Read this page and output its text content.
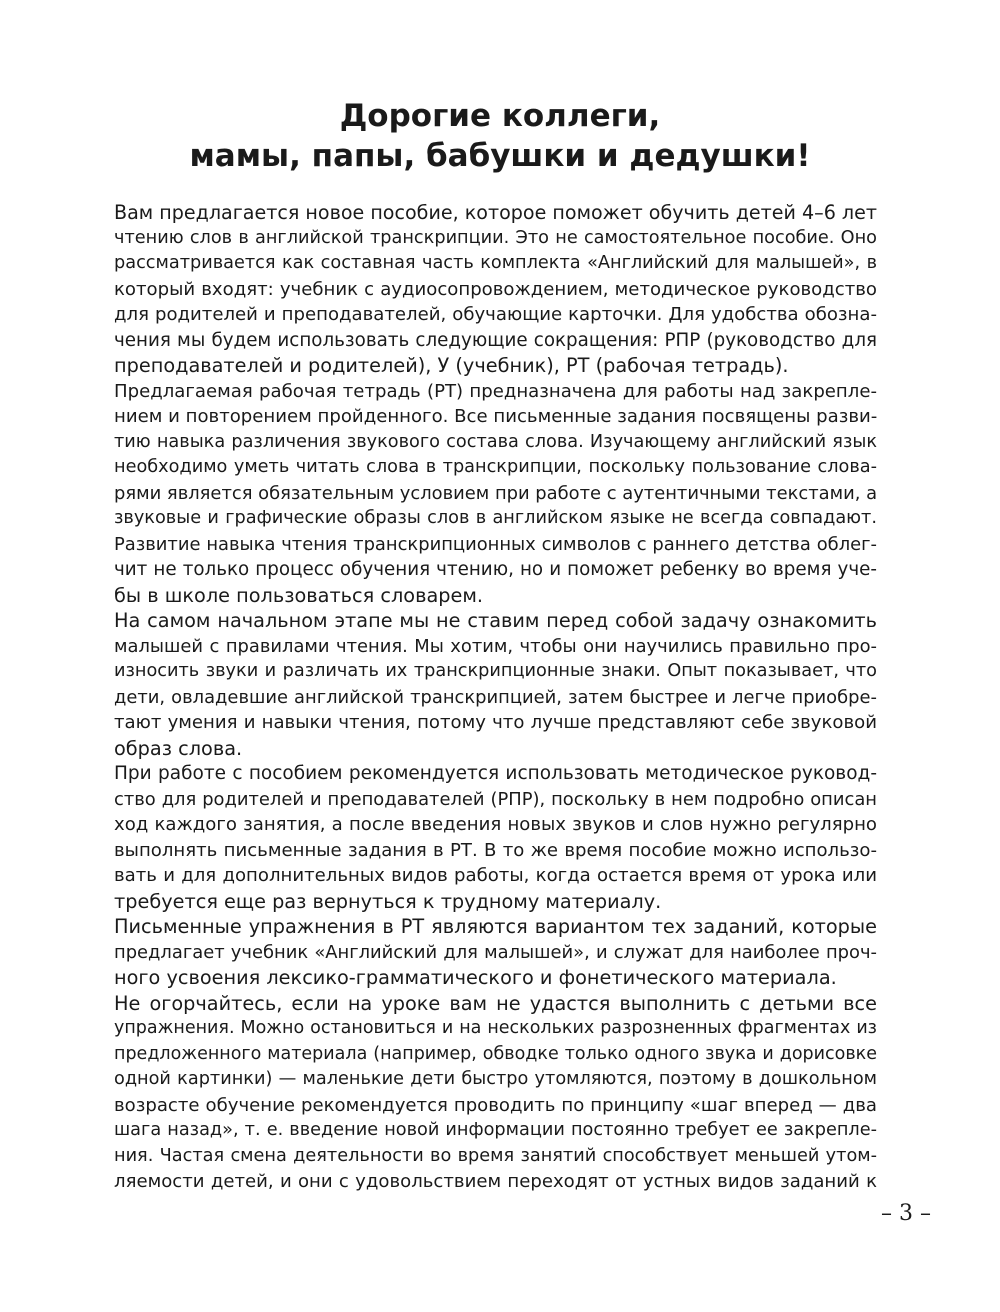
Дорогие коллеги,
мамы, папы, бабушки и дедушки!
Вам предлагается новое пособие, которое поможет обучить детей 4–6 лет
чтению слов в английской транскрипции. Это не самостоятельное пособие. Оно
рассматривается как составная часть комплекта «Английский для малышей», в
который входят: учебник с аудиосопровождением, методическое руководство
для родителей и преподавателей, обучающие карточки. Для удобства обозна-
чения мы будем использовать следующие сокращения: РПР (руководство для
преподавателей и родителей), У (учебник), РТ (рабочая тетрадь).
Предлагаемая рабочая тетрадь (РТ) предназначена для работы над закрепле-
нием и повторением пройденного. Все письменные задания посвящены разви-
тию навыка различения звукового состава слова. Изучающему английский язык
необходимо уметь читать слова в транскрипции, поскольку пользование слова-
рями является обязательным условием при работе с аутентичными текстами, а
звуковые и графические образы слов в английском языке не всегда совпадают.
Развитие навыка чтения транскрипционных символов с раннего детства облег-
чит не только процесс обучения чтению, но и поможет ребенку во время уче-
бы в школе пользоваться словарем.
На самом начальном этапе мы не ставим перед собой задачу ознакомить
малышей с правилами чтения. Мы хотим, чтобы они научились правильно про-
износить звуки и различать их транскрипционные знаки. Опыт показывает, что
дети, овладевшие английской транскрипцией, затем быстрее и легче приобре-
тают умения и навыки чтения, потому что лучше представляют себе звуковой
образ слова.
При работе с пособием рекомендуется использовать методическое руковод-
ство для родителей и преподавателей (РПР), поскольку в нем подробно описан
ход каждого занятия, а после введения новых звуков и слов нужно регулярно
выполнять письменные задания в РТ. В то же время пособие можно использо-
вать и для дополнительных видов работы, когда остается время от урока или
требуется еще раз вернуться к трудному материалу.
Письменные упражнения в РТ являются вариантом тех заданий, которые
предлагает учебник «Английский для малышей», и служат для наиболее проч-
ного усвоения лексико-грамматического и фонетического материала.
Не огорчайтесь, если на уроке вам не удастся выполнить с детьми все
упражнения. Можно остановиться и на нескольких разрозненных фрагментах из
предложенного материала (например, обводке только одного звука и дорисовке
одной картинки) — маленькие дети быстро утомляются, поэтому в дошкольном
возрасте обучение рекомендуется проводить по принципу «шаг вперед — два
шага назад», т. е. введение новой информации постоянно требует ее закрепле-
ния. Частая смена деятельности во время занятий способствует меньшей утом-
ляемости детей, и они с удовольствием переходят от устных видов заданий к
– 3 –
